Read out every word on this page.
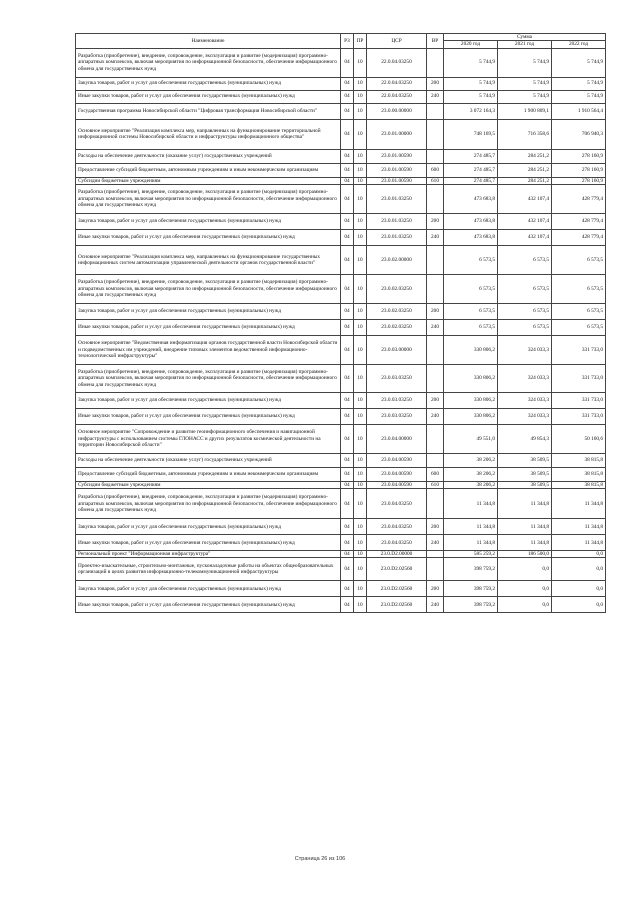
Наименование	РЗ	ПР	ЦСР	ВР	Сумма		
					2020 год	2021 год	2022 год
Разработка (приобретение), внедрение, сопровождение, эксплуатация и развитие (модернизация) программно-аппаратных комплексов, включая мероприятия по информационной безопасности, обеспечение информационного обмена для государственных нужд	04	10	22.0.04.03250		5 744,9	5 744,9	5 744,9
Закупка товаров, работ и услуг для обеспечения государственных (муниципальных) нужд	04	10	22.0.04.03250	200	5 744,9	5 744,9	5 744,9
Иные закупки товаров, работ и услуг для обеспечения государственных (муниципальных) нужд	04	10	22.0.04.03250	240	5 744,9	5 744,9	5 744,9
Государственная программа Новосибирской области "Цифровая трансформация Новосибирской области"	04	10	23.0.00.00000		3 072 164,3	1 900 809,1	1 910 564,4
Основное мероприятие "Реализация комплекса мер, направленных на функционирование территориальной информационной системы Новосибирской области и инфраструктуры информационного общества"	04	10	23.0.01.00000		748 169,5	716 358,6	706 940,3
Расходы на обеспечение деятельности (оказание услуг) государственных учреждений	04	10	23.0.01.00590		274 485,7	284 251,2	278 160,9
Предоставление субсидий бюджетным, автономным учреждениям и иным некоммерческим организациям	04	10	23.0.01.00590	600	274 485,7	284 251,2	278 160,9
Субсидии бюджетным учреждениям	04	10	23.0.01.00590	610	274 485,7	284 251,2	278 160,9
Разработка (приобретение), внедрение, сопровождение, эксплуатация и развитие (модернизация) программно-аппаратных комплексов, включая мероприятия по информационной безопасности, обеспечение информационного обмена для государственных нужд	04	10	23.0.01.03250		473 683,8	432 107,4	428 779,4
Закупка товаров, работ и услуг для обеспечения государственных (муниципальных) нужд	04	10	23.0.01.03250	200	473 683,8	432 107,4	428 779,4
Иные закупки товаров, работ и услуг для обеспечения государственных (муниципальных) нужд	04	10	23.0.01.03250	240	473 683,8	432 107,4	428 779,4
Основное мероприятие "Реализация комплекса мер, направленных на функционирование государственных информационных систем автоматизации управленческой деятельности органов государственной власти"	04	10	23.0.02.00000		6 573,5	6 573,5	6 573,5
Разработка (приобретение), внедрение, сопровождение, эксплуатация и развитие (модернизация) программно-аппаратных комплексов, включая мероприятия по информационной безопасности, обеспечение информационного обмена для государственных нужд	04	10	23.0.02.03250		6 573,5	6 573,5	6 573,5
Закупка товаров, работ и услуг для обеспечения государственных (муниципальных) нужд	04	10	23.0.02.03250	200	6 573,5	6 573,5	6 573,5
Иные закупки товаров, работ и услуг для обеспечения государственных (муниципальных) нужд	04	10	23.0.02.03250	240	6 573,5	6 573,5	6 573,5
Основное мероприятие "Ведомственная информатизация органов государственной власти Новосибирской области и подведомственных им учреждений, внедрение типовых элементов ведомственной информационно-технологической инфраструктуры"	04	10	23.0.03.00000		330 806,2	324 033,3	331 733,0
Разработка (приобретение), внедрение, сопровождение, эксплуатация и развитие (модернизация) программно-аппаратных комплексов, включая мероприятия по информационной безопасности, обеспечение информационного обмена для государственных нужд	04	10	23.0.03.03250		330 806,2	324 033,3	331 733,0
Закупка товаров, работ и услуг для обеспечения государственных (муниципальных) нужд	04	10	23.0.03.03250	200	330 806,2	324 033,3	331 733,0
Иные закупки товаров, работ и услуг для обеспечения государственных (муниципальных) нужд	04	10	23.0.03.03250	240	330 806,2	324 033,3	331 733,0
Основное мероприятие "Сопровождение и развитие геоинформационного обеспечения и навигационной инфраструктуры с использованием системы ГЛОНАСС и других результатов космической деятельности на территории Новосибирской области"	04	10	23.0.04.00000		49 551,0	49 854,3	50 160,6
Расходы на обеспечение деятельности (оказание услуг) государственных учреждений	04	10	23.0.04.00590		38 206,2	38 509,5	38 815,8
Предоставление субсидий бюджетным, автономным учреждениям и иным некоммерческим организациям	04	10	23.0.04.00590	600	38 206,2	38 509,5	38 815,8
Субсидии бюджетным учреждениям	04	10	23.0.04.00590	610	38 206,2	38 509,5	38 815,8
Разработка (приобретение), внедрение, сопровождение, эксплуатация и развитие (модернизация) программно-аппаратных комплексов, включая мероприятия по информационной безопасности, обеспечение информационного обмена для государственных нужд	04	10	23.0.04.03250		11 344,8	11 344,8	11 344,8
Закупка товаров, работ и услуг для обеспечения государственных (муниципальных) нужд	04	10	23.0.04.03250	200	11 344,8	11 344,8	11 344,8
Иные закупки товаров, работ и услуг для обеспечения государственных (муниципальных) нужд	04	10	23.0.04.03250	240	11 344,8	11 344,8	11 344,8
Региональный проект "Информационная инфраструктура"	04	10	23.0.D2.00000		585 259,2	186 500,0	0,0
Проектно-изыскательные, строительно-монтажные, пусконаладочные работы на объектах общеобразовательных организаций в целях развития информационно-телекоммуникационной инфраструктуры	04	10	23.0.D2.02560		398 759,2	0,0	0,0
Закупка товаров, работ и услуг для обеспечения государственных (муниципальных) нужд	04	10	23.0.D2.02560	200	398 759,2	0,0	0,0
Иные закупки товаров, работ и услуг для обеспечения государственных (муниципальных) нужд	04	10	23.0.D2.02560	240	398 759,2	0,0	0,0
Страница 26 из 106
